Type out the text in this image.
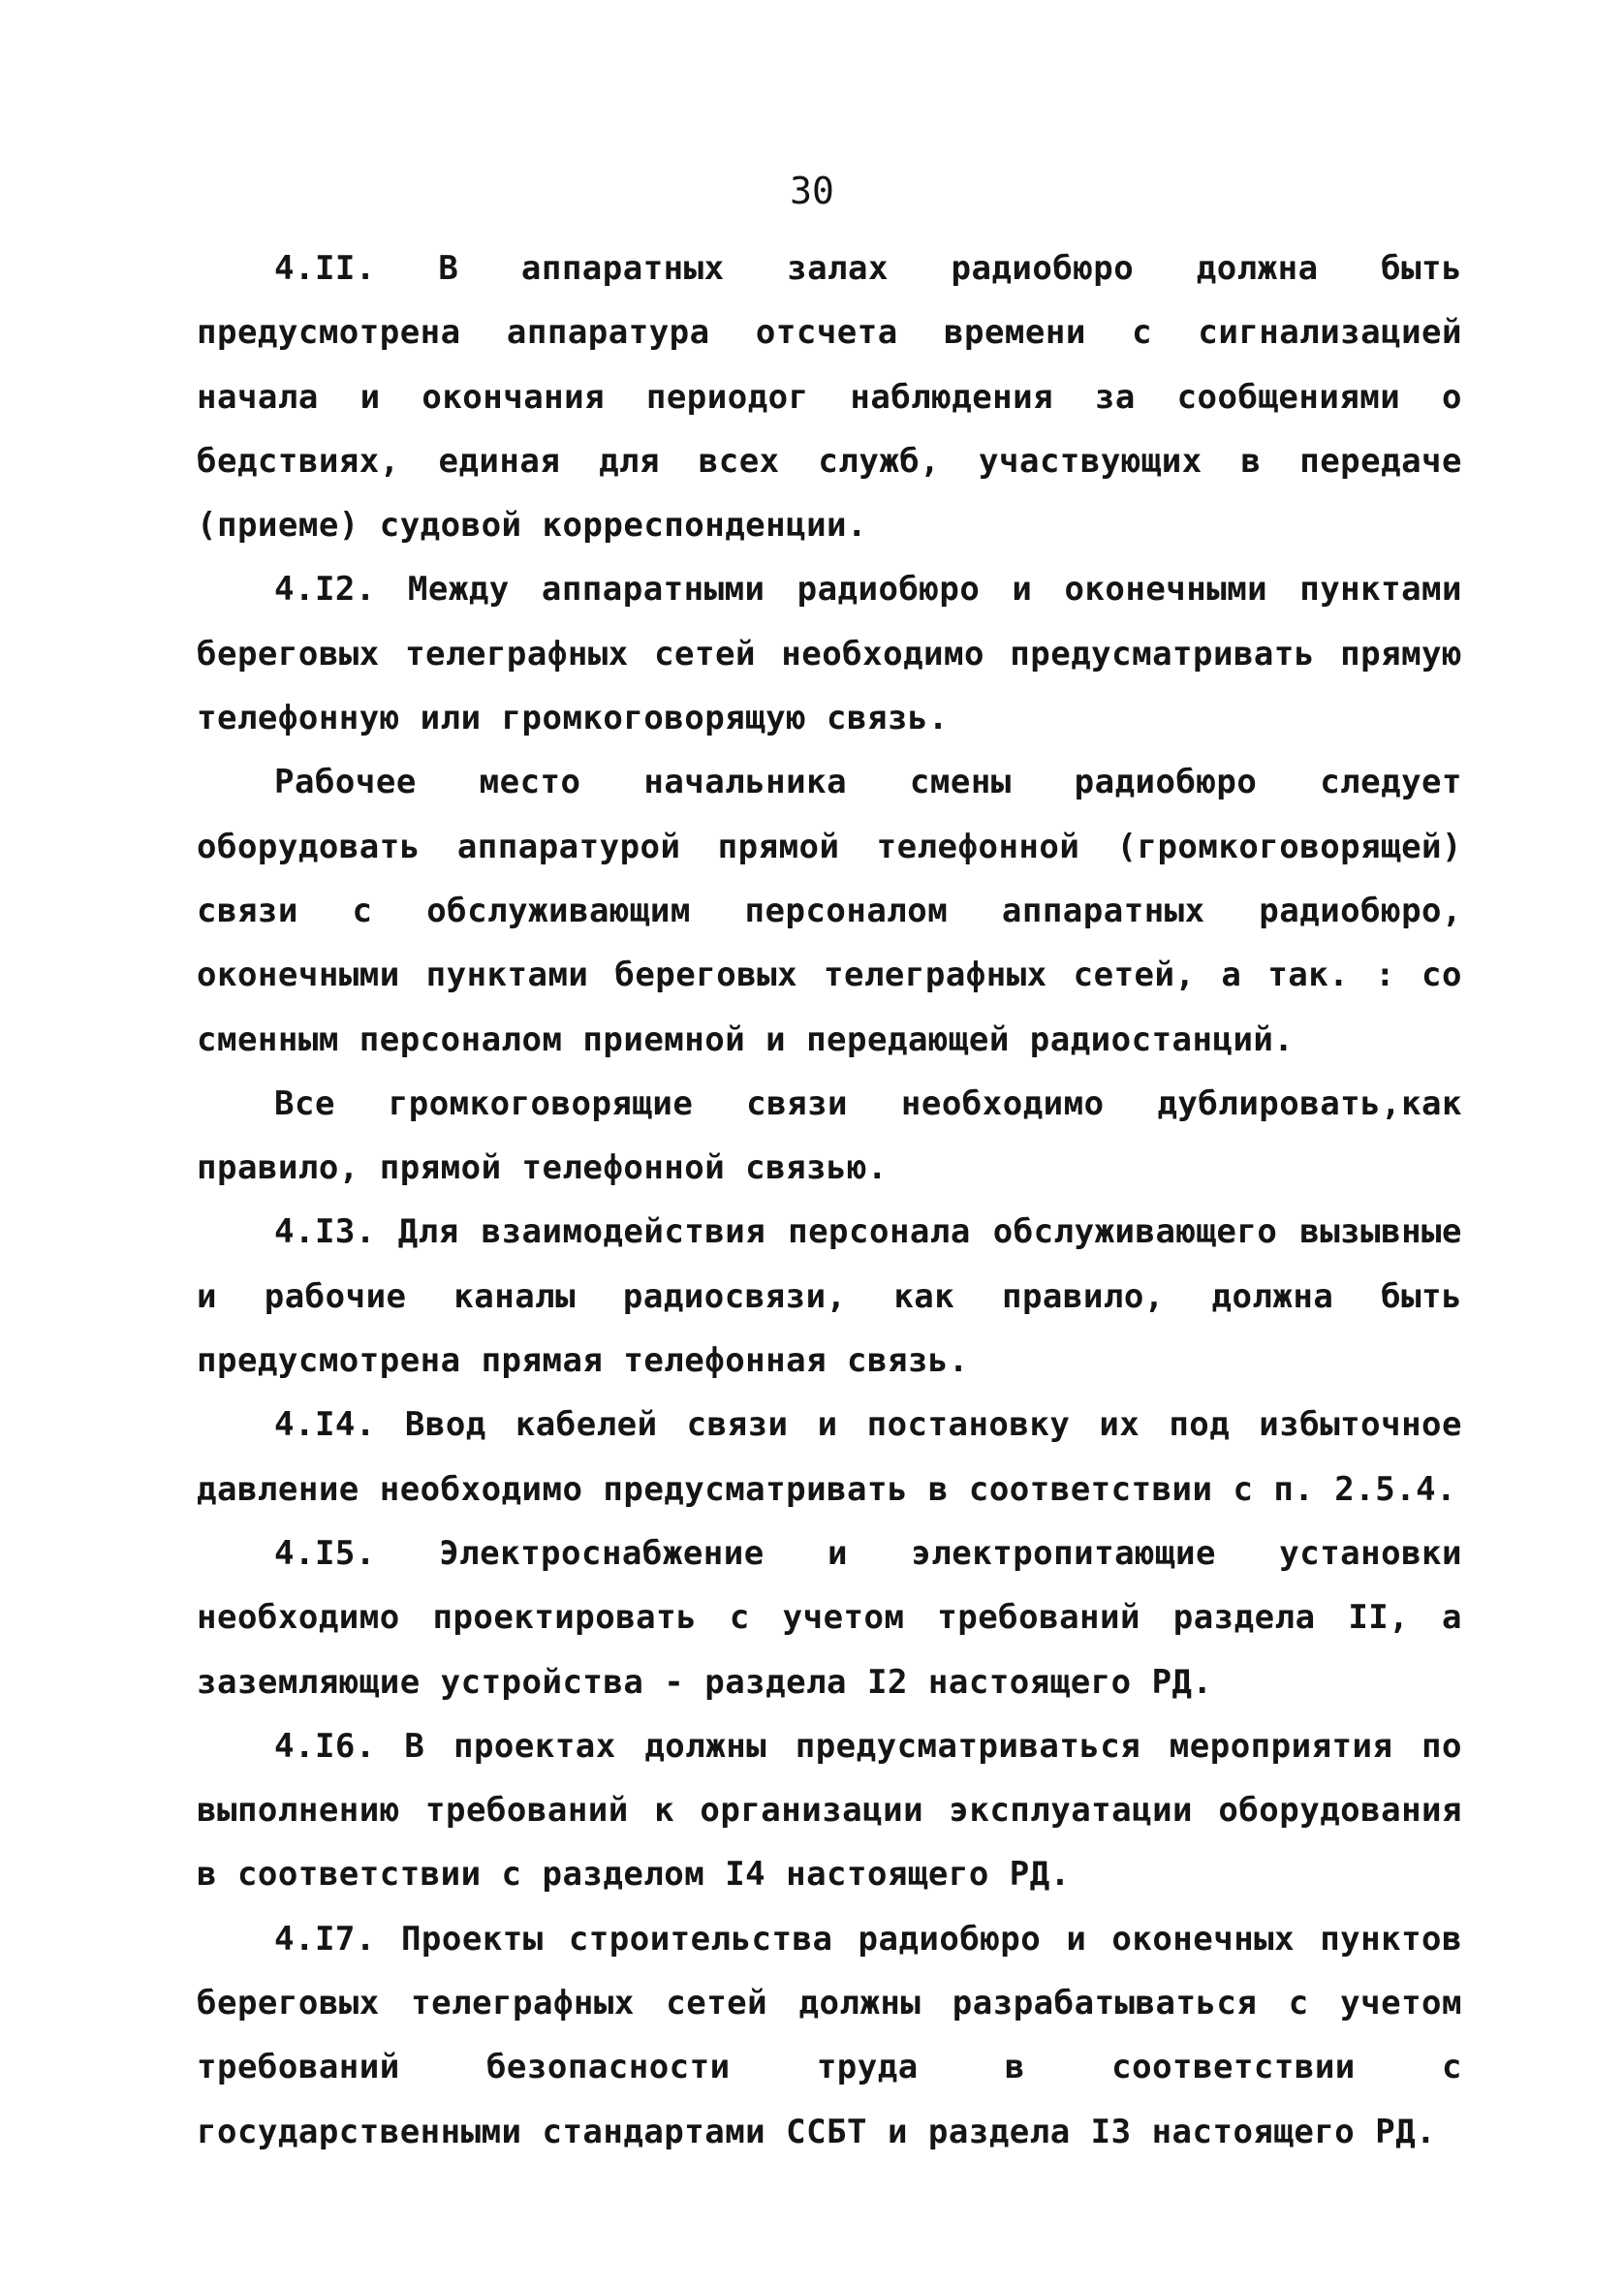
30

4.II. В аппаратных залах радиобюро должна быть предусмотрена аппаратура отсчета времени с сигнализацией начала и окончания периодог наблюдения за сообщениями о бедствиях, единая для всех служб, участвующих в передаче (приеме) судовой корреспонденции.

4.I2. Между аппаратными радиобюро и оконечными пунктами береговых телеграфных сетей необходимо предусматривать прямую телефонную или громкоговорящую связь.

Рабочее место начальника смены радиобюро следует оборудовать аппаратурой прямой телефонной (громкоговорящей) связи с обслуживающим персоналом аппаратных радиобюро, оконечными пунктами береговых телеграфных сетей, а так. : со сменным персоналом приемной и передающей радиостанций.

Все громкоговорящие связи необходимо дублировать,как правило, прямой телефонной связью.

4.I3. Для взаимодействия персонала обслуживающего вызывные и рабочие каналы радиосвязи, как правило, должна быть предусмотрена прямая телефонная связь.

4.I4. Ввод кабелей связи и постановку их под избыточное давление необходимо предусматривать в соответствии с п. 2.5.4.

4.I5. Электроснабжение и электропитающие установки необходимо проектировать с учетом требований раздела II, а заземляющие устройства - раздела I2 настоящего РД.

4.I6. В проектах должны предусматриваться мероприятия по выполнению требований к организации эксплуатации оборудования в соответствии с разделом I4 настоящего РД.

4.I7. Проекты строительства радиобюро и оконечных пунктов береговых телеграфных сетей должны разрабатываться с учетом требований безопасности труда в соответствии с государственными стандартами ССБТ и раздела I3 настоящего РД.
